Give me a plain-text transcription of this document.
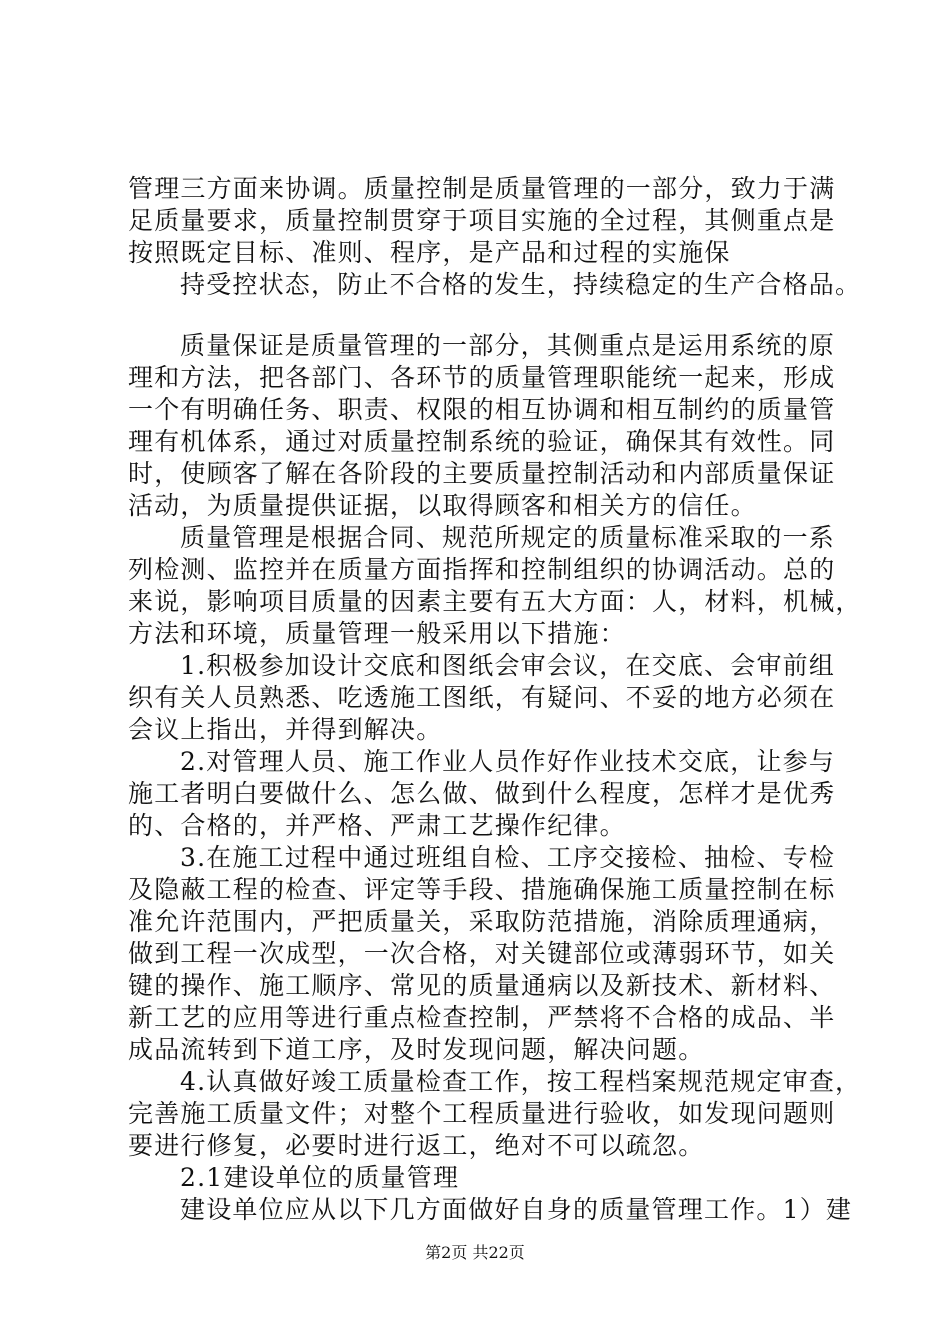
管理三方面来协调。质量控制是质量管理的一部分，致力于满
足质量要求，质量控制贯穿于项目实施的全过程，其侧重点是
按照既定目标、准则、程序，是产品和过程的实施保
持受控状态，防止不合格的发生，持续稳定的生产合格品。
质量保证是质量管理的一部分，其侧重点是运用系统的原
理和方法，把各部门、各环节的质量管理职能统一起来，形成
一个有明确任务、职责、权限的相互协调和相互制约的质量管
理有机体系，通过对质量控制系统的验证，确保其有效性。同
时，使顾客了解在各阶段的主要质量控制活动和内部质量保证
活动，为质量提供证据，以取得顾客和相关方的信任。
质量管理是根据合同、规范所规定的质量标准采取的一系
列检测、监控并在质量方面指挥和控制组织的协调活动。总的
来说，影响项目质量的因素主要有五大方面：人，材料，机械，
方法和环境，质量管理一般采用以下措施：
1.积极参加设计交底和图纸会审会议，在交底、会审前组
织有关人员熟悉、吃透施工图纸，有疑问、不妥的地方必须在
会议上指出，并得到解决。
2.对管理人员、施工作业人员作好作业技术交底，让参与
施工者明白要做什么、怎么做、做到什么程度，怎样才是优秀
的、合格的，并严格、严肃工艺操作纪律。
3.在施工过程中通过班组自检、工序交接检、抽检、专检
及隐蔽工程的检查、评定等手段、措施确保施工质量控制在标
准允许范围内，严把质量关，采取防范措施，消除质理通病，
做到工程一次成型，一次合格，对关键部位或薄弱环节，如关
键的操作、施工顺序、常见的质量通病以及新技术、新材料、
新工艺的应用等进行重点检查控制，严禁将不合格的成品、半
成品流转到下道工序，及时发现问题，解决问题。
4.认真做好竣工质量检查工作，按工程档案规范规定审查，
完善施工质量文件；对整个工程质量进行验收，如发现问题则
要进行修复，必要时进行返工，绝对不可以疏忽。
2.1建设单位的质量管理
建设单位应从以下几方面做好自身的质量管理工作。1）建
第2页 共22页
